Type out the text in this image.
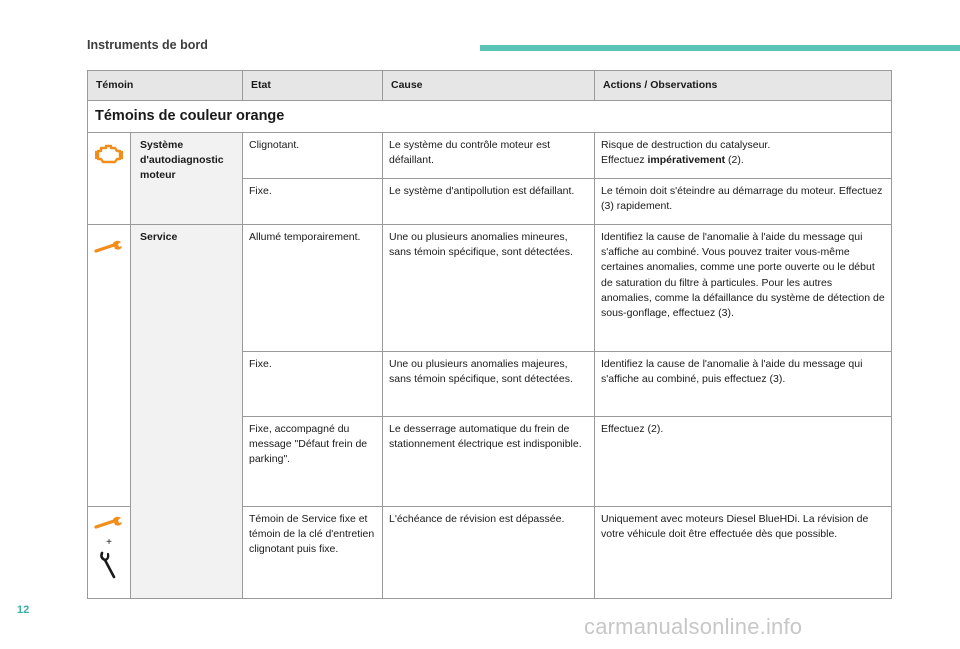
Instruments de bord
Témoin		Etat	Cause	Actions / Observations
Témoins de couleur orange				
	Système d'autodiagnostic moteur	Clignotant.	Le système du contrôle moteur est défaillant.	Risque de destruction du catalyseur.
Effectuez impérativement (2).
		Fixe.	Le système d'antipollution est défaillant.	Le témoin doit s'éteindre au démarrage du moteur. Effectuez (3) rapidement.
	Service	Allumé temporairement.	Une ou plusieurs anomalies mineures, sans témoin spécifique, sont détectées.	Identifiez la cause de l'anomalie à l'aide du message qui s'affiche au combiné. Vous pouvez traiter vous-même certaines anomalies, comme une porte ouverte ou le début de saturation du filtre à particules. Pour les autres anomalies, comme la défaillance du système de détection de sous-gonflage, effectuez (3).
		Fixe.	Une ou plusieurs anomalies majeures, sans témoin spécifique, sont détectées.	Identifiez la cause de l'anomalie à l'aide du message qui s'affiche au combiné, puis effectuez (3).
		Fixe, accompagné du message "Défaut frein de parking".	Le desserrage automatique du frein de stationnement électrique est indisponible.	Effectuez (2).

+		Témoin de Service fixe et témoin de la clé d'entretien clignotant puis fixe.	L'échéance de révision est dépassée.	Uniquement avec moteurs Diesel BlueHDi. La révision de votre véhicule doit être effectuée dès que possible.
12
carmanualsonline.info
